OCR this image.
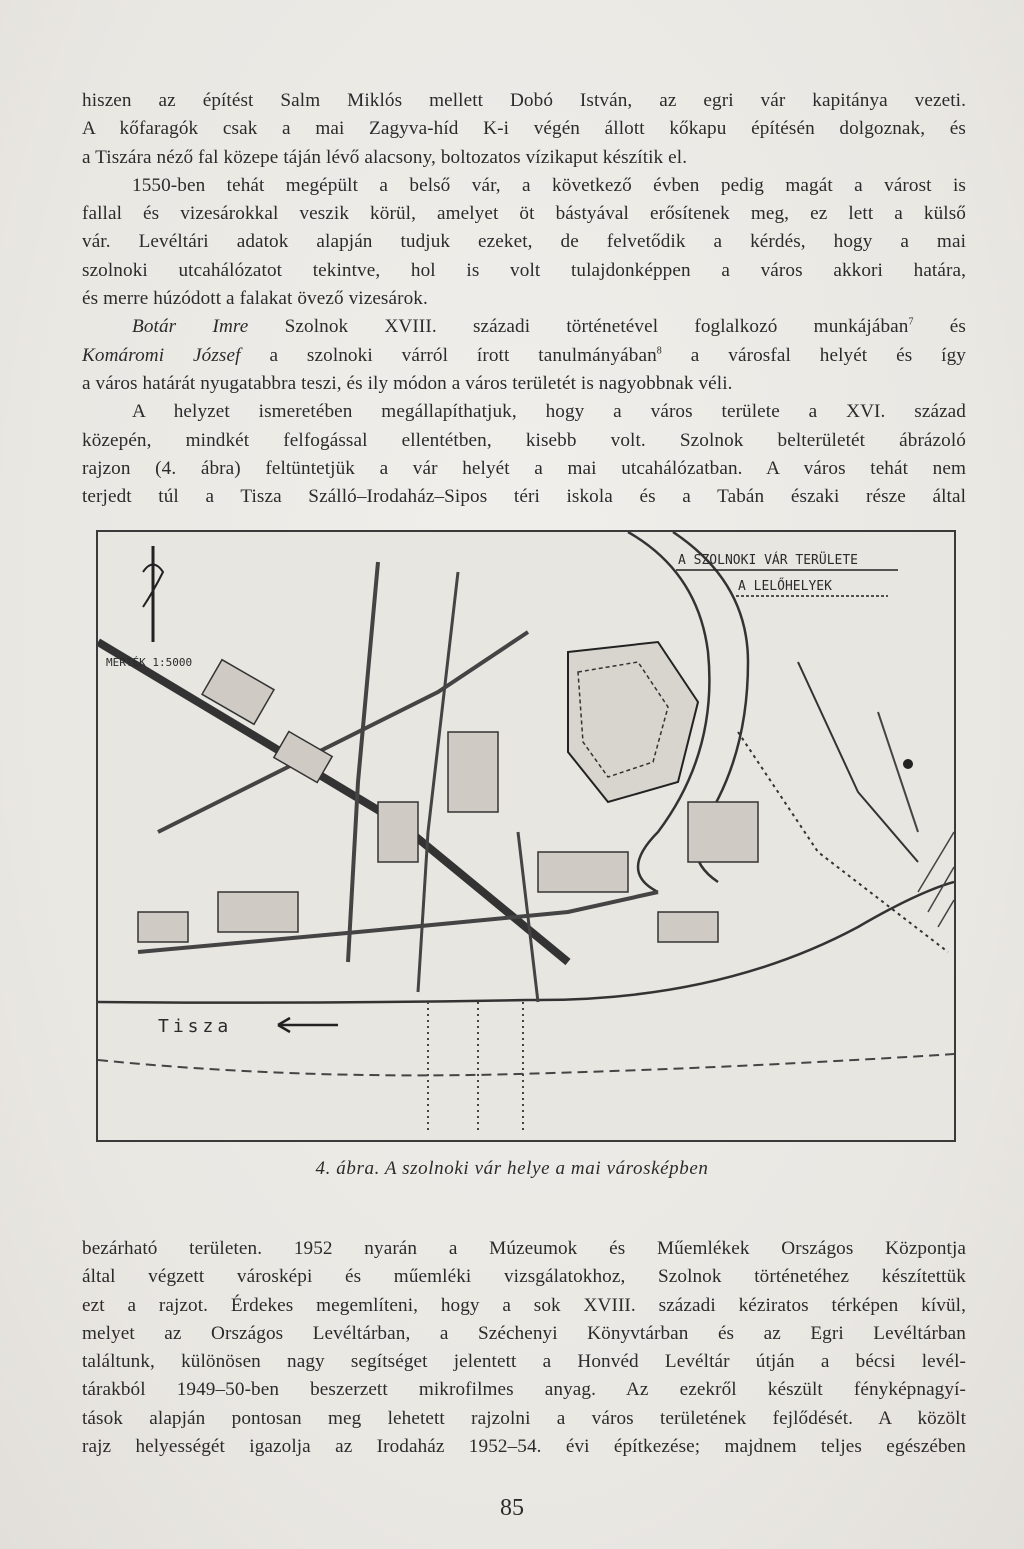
hiszen az építést Salm Miklós mellett Dobó István, az egri vár kapitánya vezeti.
A kőfaragók csak a mai Zagyva-híd K-i végén állott kőkapu építésén dolgoznak, és
a Tiszára néző fal közepe táján lévő alacsony, boltozatos vízikaput készítik el.
1550-ben tehát megépült a belső vár, a következő évben pedig magát a várost is
fallal és vizesárokkal veszik körül, amelyet öt bástyával erősítenek meg, ez lett a külső
vár. Levéltári adatok alapján tudjuk ezeket, de felvetődik a kérdés, hogy a mai
szolnoki utcahálózatot tekintve, hol is volt tulajdonképpen a város akkori határa,
és merre húzódott a falakat övező vizesárok.
Botár Imre Szolnok XVIII. századi történetével foglalkozó munkájában$^7$ és
Komáromi József a szolnoki várról írott tanulmányában$^8$ a városfal helyét és így
a város határát nyugatabbra teszi, és ily módon a város területét is nagyobbnak véli.
A helyzet ismeretében megállapíthatjuk, hogy a város területe a XVI. század
közepén, mindkét felfogással ellentétben, kisebb volt. Szolnok belterületét ábrázoló
rajzon (4. ábra) feltüntetjük a vár helyét a mai utcahálózatban. A város tehát nem
terjedt túl a Tisza Szálló–Irodaház–Sipos téri iskola és a Tabán északi része által
MÉRTÉK 1:5000
A SZOLNOKI VÁR TERÜLETE
A LELŐHELYEK
Tisza
4. ábra. A szolnoki vár helye a mai városképben
bezárható területen. 1952 nyarán a Múzeumok és Műemlékek Országos Központja
által végzett városképi és műemléki vizsgálatokhoz, Szolnok történetéhez készítettük
ezt a rajzot. Érdekes megemlíteni, hogy a sok XVIII. századi kéziratos térképen kívül,
melyet az Országos Levéltárban, a Széchenyi Könyvtárban és az Egri Levéltárban
találtunk, különösen nagy segítséget jelentett a Honvéd Levéltár útján a bécsi levél-
tárakból 1949–50-ben beszerzett mikrofilmes anyag. Az ezekről készült fényképnagyí-
tások alapján pontosan meg lehetett rajzolni a város területének fejlődését. A közölt
rajz helyességét igazolja az Irodaház 1952–54. évi építkezése; majdnem teljes egészében
85
